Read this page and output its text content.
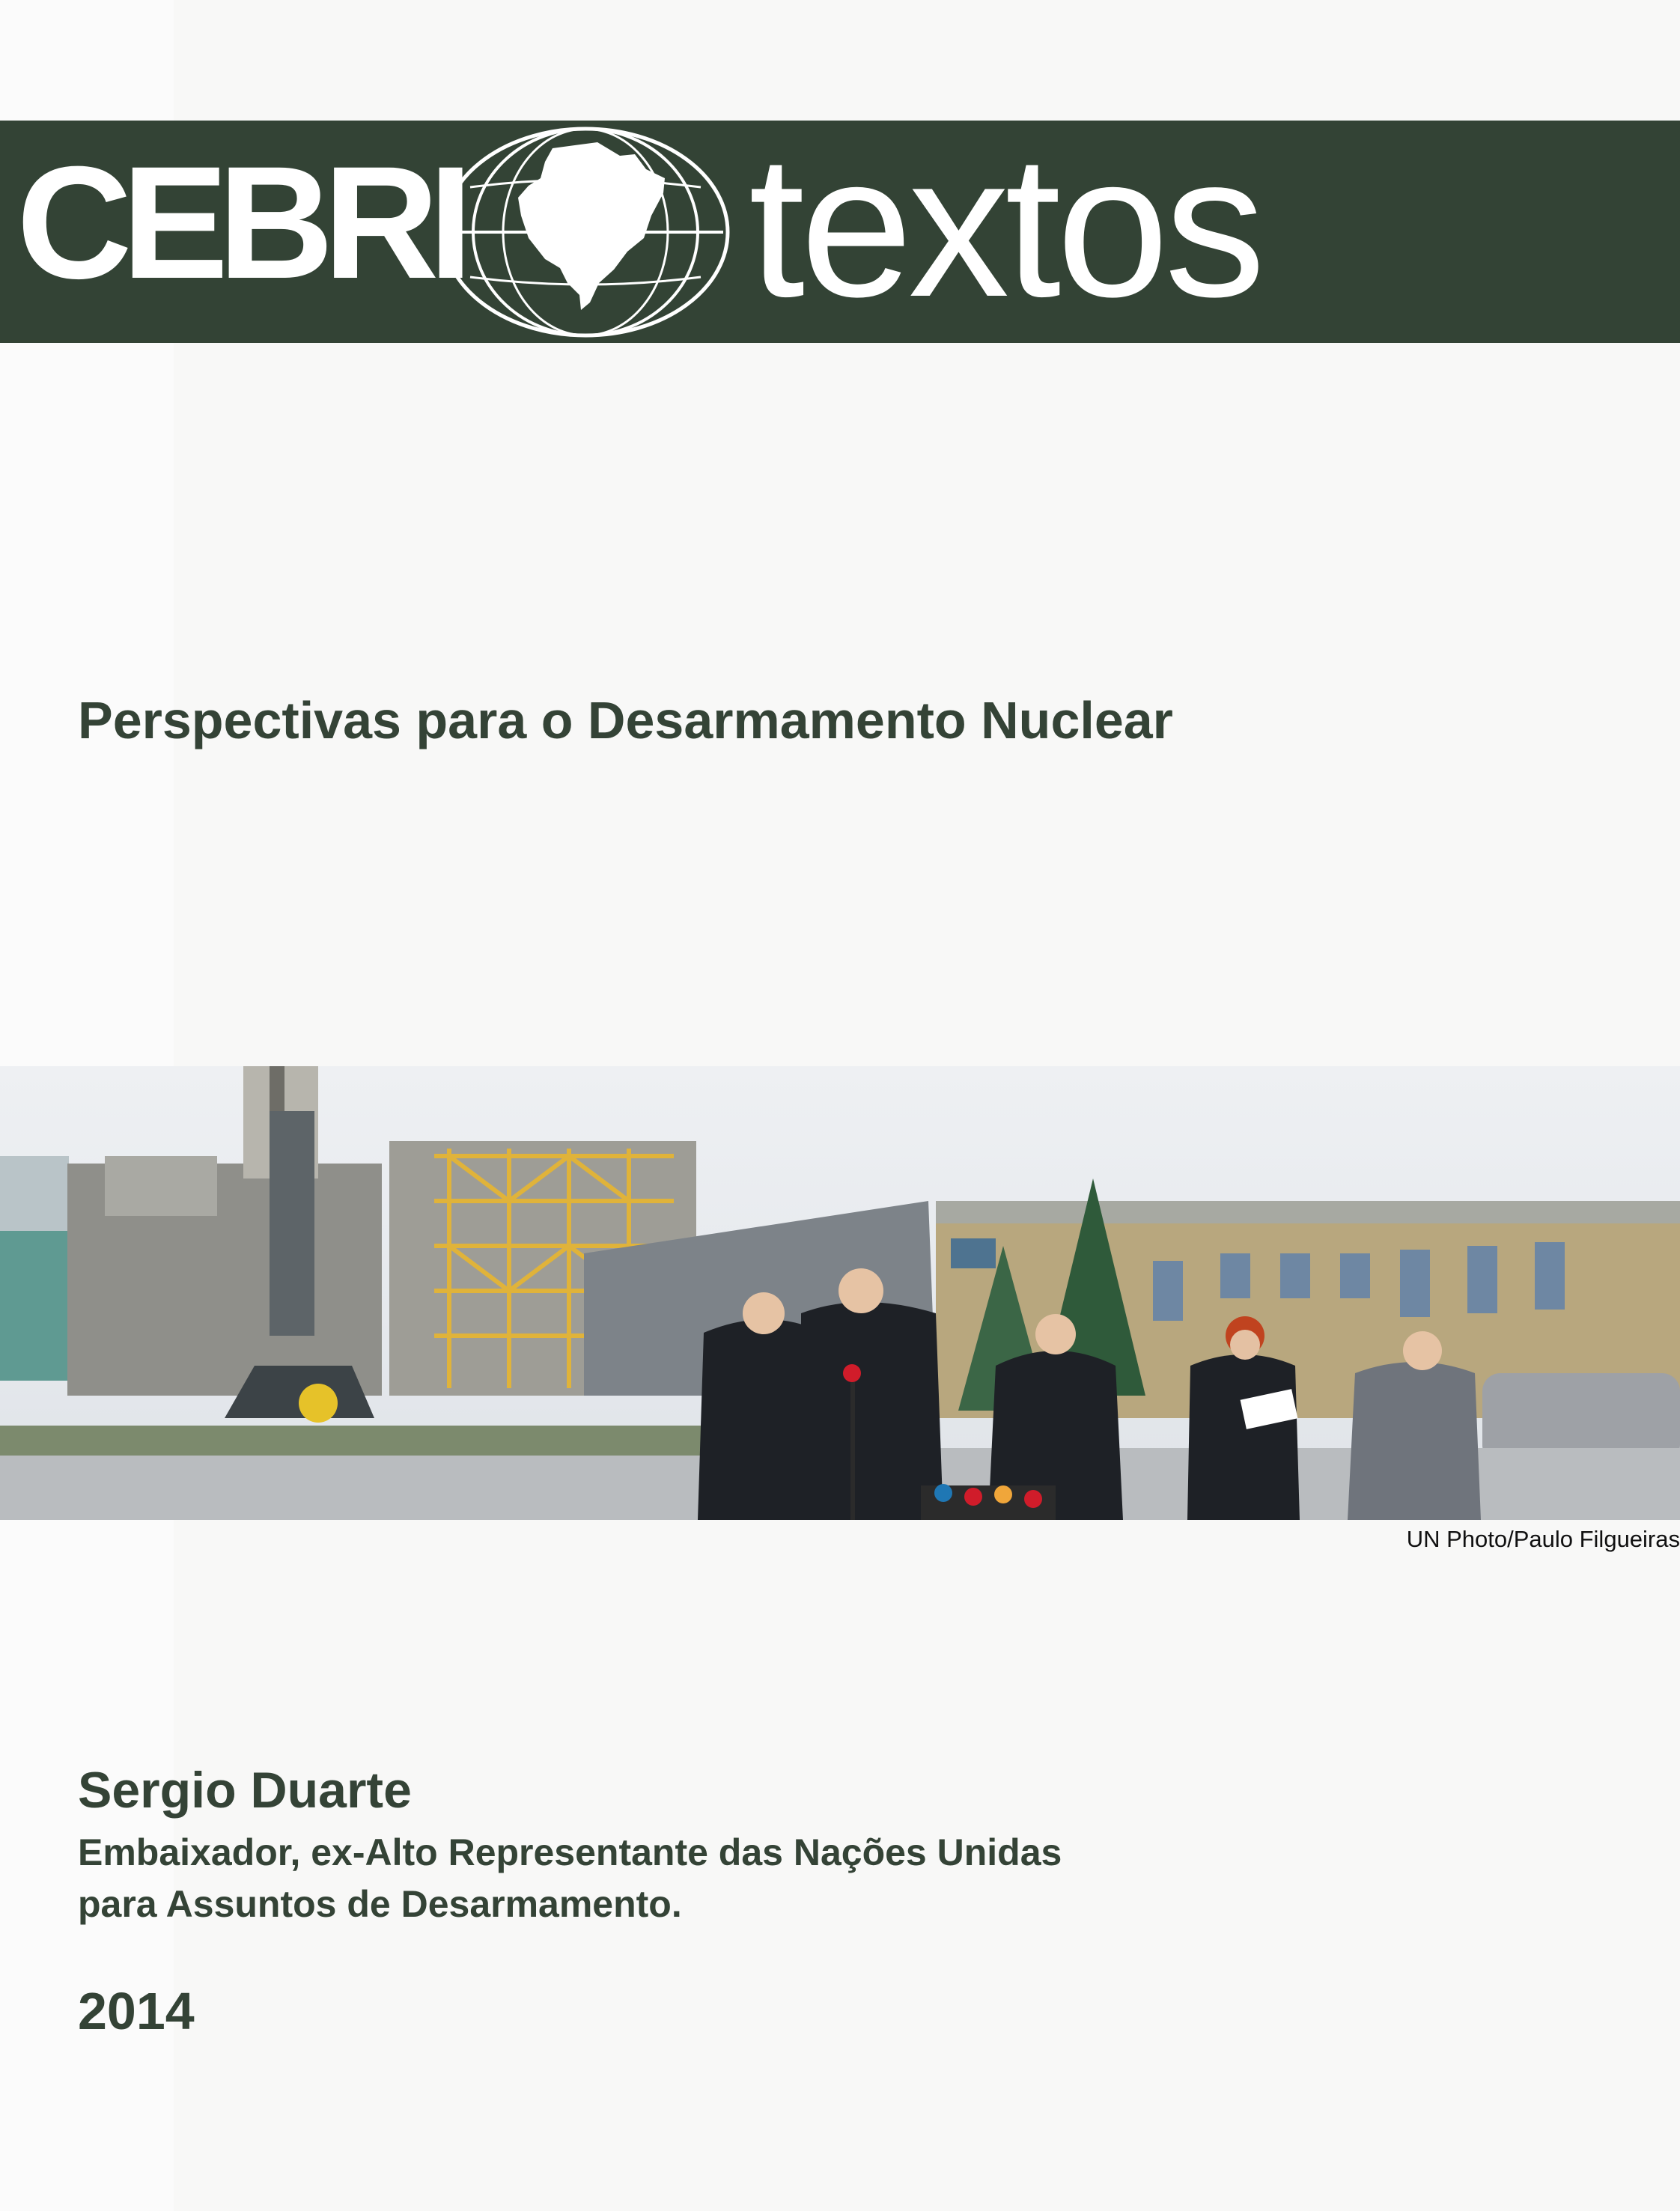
CEBRI textos
Perspectivas para o Desarmamento Nuclear
UN Photo/Paulo Filgueiras
Sergio Duarte
Embaixador, ex-Alto Representante das Nações Unidas
para Assuntos de Desarmamento.
2014
